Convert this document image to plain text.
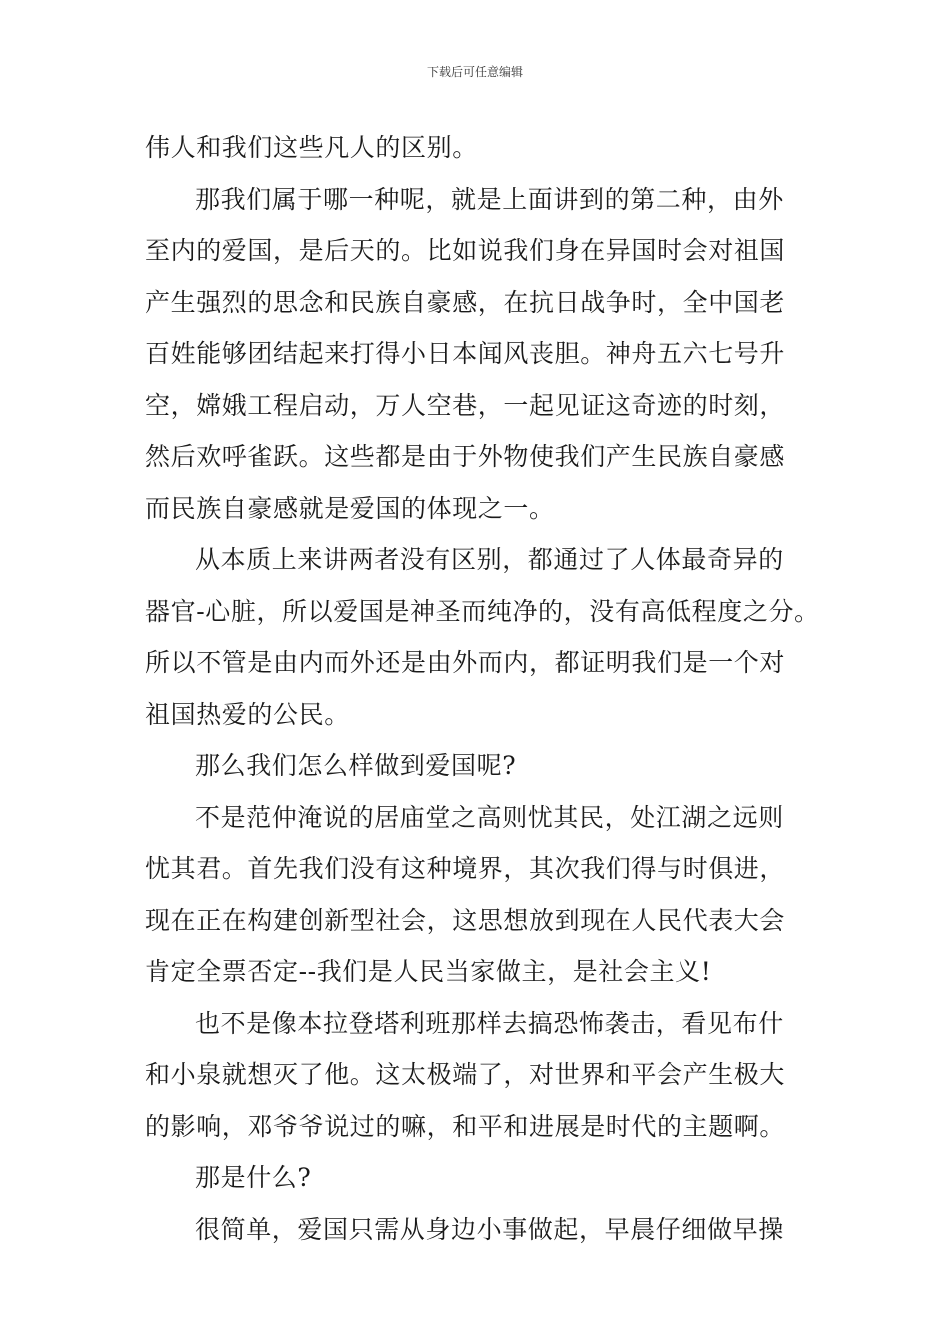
下载后可任意编辑
伟人和我们这些凡人的区别。
那我们属于哪一种呢，就是上面讲到的第二种，由外
至内的爱国，是后天的。比如说我们身在异国时会对祖国
产生强烈的思念和民族自豪感，在抗日战争时，全中国老
百姓能够团结起来打得小日本闻风丧胆。神舟五六七号升
空，嫦娥工程启动，万人空巷，一起见证这奇迹的时刻，
然后欢呼雀跃。这些都是由于外物使我们产生民族自豪感
而民族自豪感就是爱国的体现之一。
从本质上来讲两者没有区别，都通过了人体最奇异的
器官-心脏，所以爱国是神圣而纯净的，没有高低程度之分。
所以不管是由内而外还是由外而内，都证明我们是一个对
祖国热爱的公民。
那么我们怎么样做到爱国呢?
不是范仲淹说的居庙堂之高则忧其民，处江湖之远则
忧其君。首先我们没有这种境界，其次我们得与时俱进，
现在正在构建创新型社会，这思想放到现在人民代表大会
肯定全票否定--我们是人民当家做主，是社会主义!
也不是像本拉登塔利班那样去搞恐怖袭击，看见布什
和小泉就想灭了他。这太极端了，对世界和平会产生极大
的影响，邓爷爷说过的嘛，和平和进展是时代的主题啊。
那是什么?
很简单，爱国只需从身边小事做起，早晨仔细做早操
